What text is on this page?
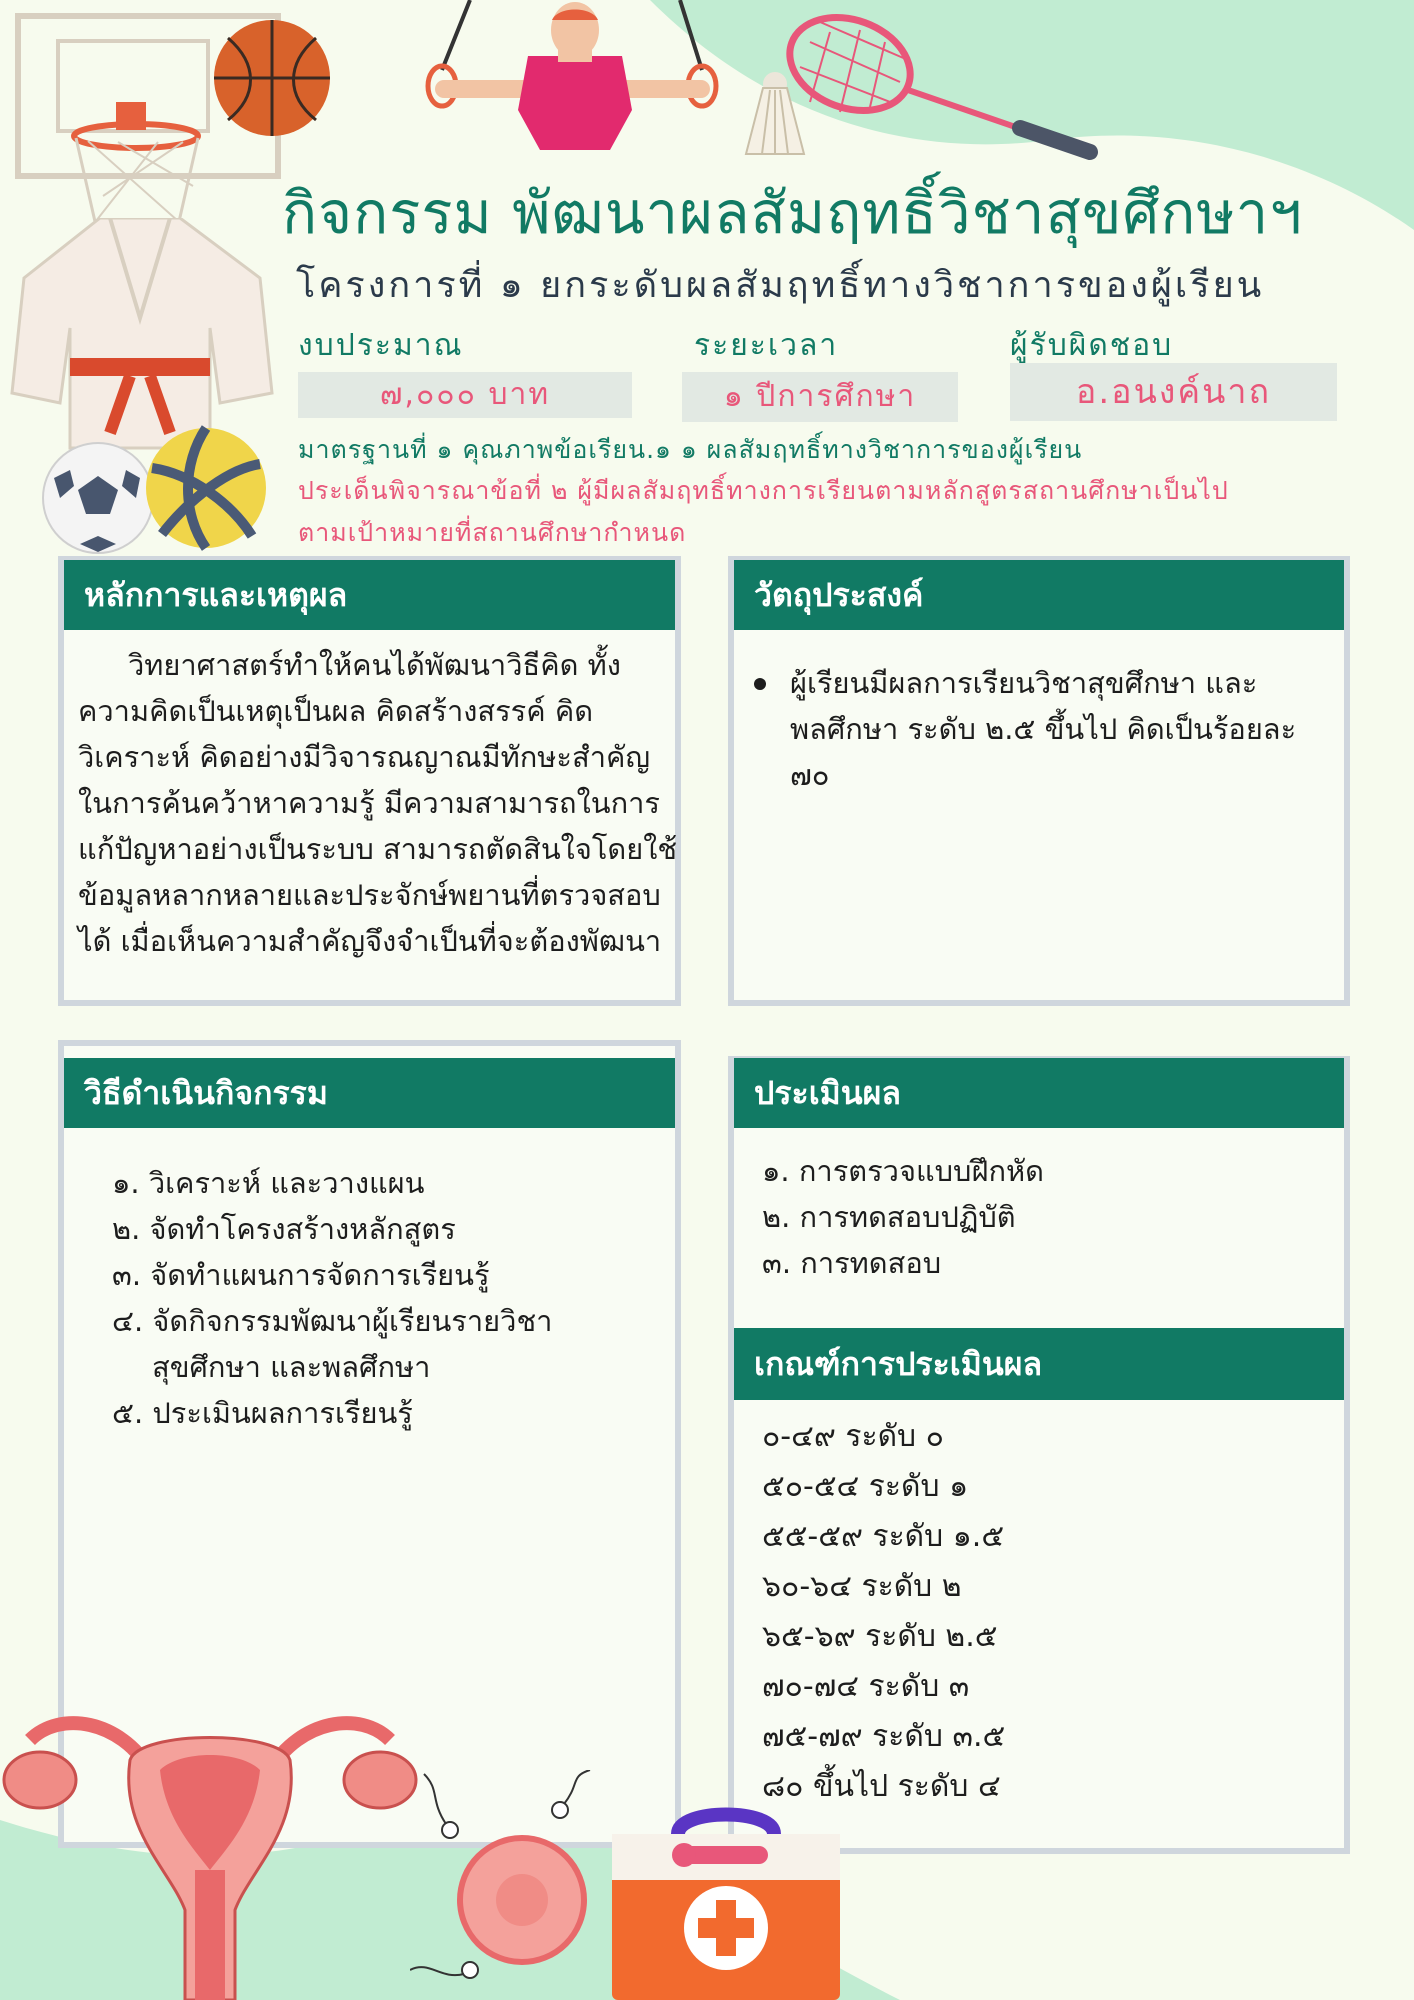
กิจกรรม พัฒนาผลสัมฤทธิ์วิชาสุขศึกษาฯ
โครงการที่ ๑ ยกระดับผลสัมฤทธิ์ทางวิชาการของผู้เรียน
งบประมาณ	ระยะเวลา	ผู้รับผิดชอบ
๗,๐๐๐ บาท	๑ ปีการศึกษา	อ.อนงค์นาถ
มาตรฐานที่ ๑ คุณภาพข้อเรียน.๑ ๑ ผลสัมฤทธิ์ทางวิชาการของผู้เรียน
ประเด็นพิจารณาข้อที่ ๒ ผู้มีผลสัมฤทธิ์ทางการเรียนตามหลักสูตรสถานศึกษาเป็นไป
ตามเป้าหมายที่สถานศึกษากำหนด
หลักการและเหตุผล
วิทยาศาสตร์ทำให้คนได้พัฒนาวิธีคิด ทั้งความคิดเป็นเหตุเป็นผล คิดสร้างสรรค์ คิดวิเคราะห์ คิดอย่างมีวิจารณญาณมีทักษะสำคัญในการค้นคว้าหาความรู้ มีความสามารถในการแก้ปัญหาอย่างเป็นระบบ สามารถตัดสินใจโดยใช้ข้อมูลหลากหลายและประจักษ์พยานที่ตรวจสอบได้ เมื่อเห็นความสำคัญจึงจำเป็นที่จะต้องพัฒนา
วัตถุประสงค์
ผู้เรียนมีผลการเรียนวิชาสุขศึกษา และพลศึกษา ระดับ ๒.๕ ขึ้นไป คิดเป็นร้อยละ ๗๐
วิธีดำเนินกิจกรรม
๑. วิเคราะห์ และวางแผน
๒. จัดทำโครงสร้างหลักสูตร
๓. จัดทำแผนการจัดการเรียนรู้
๔. จัดกิจกรรมพัฒนาผู้เรียนรายวิชา
สุขศึกษา และพลศึกษา
๕. ประเมินผลการเรียนรู้
ประเมินผล
๑. การตรวจแบบฝึกหัด
๒. การทดสอบปฏิบัติ
๓. การทดสอบ
เกณฑ์การประเมินผล
๐-๔๙ ระดับ ๐
๕๐-๕๔ ระดับ ๑
๕๕-๕๙ ระดับ ๑.๕
๖๐-๖๔ ระดับ ๒
๖๕-๖๙ ระดับ ๒.๕
๗๐-๗๔ ระดับ ๓
๗๕-๗๙ ระดับ ๓.๕
๘๐ ขึ้นไป ระดับ ๔
